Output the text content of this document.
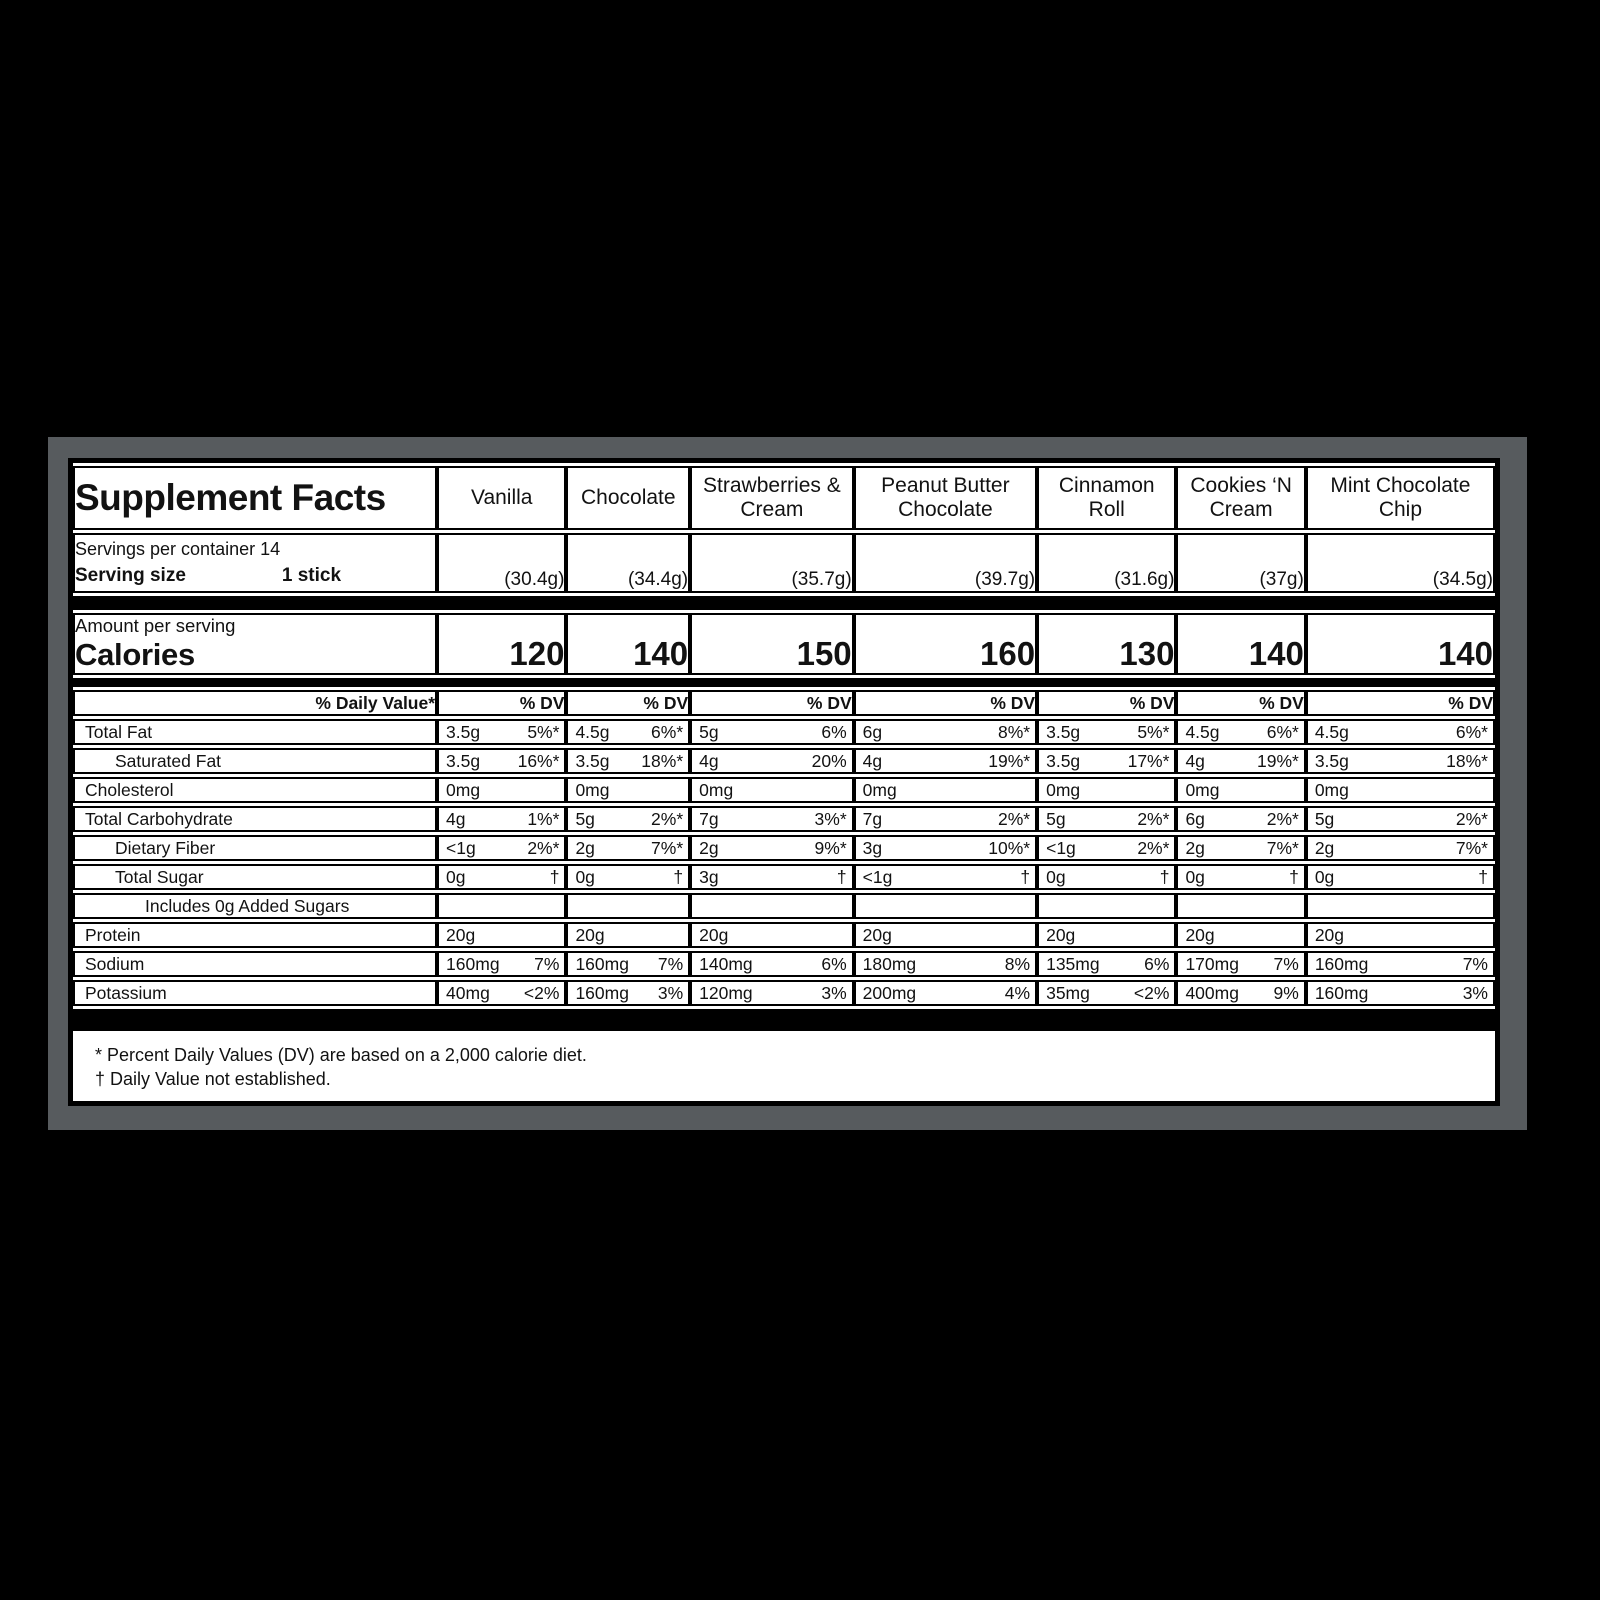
Supplement Facts	Vanilla	Chocolate	Strawberries & Cream	Peanut Butter Chocolate	Cinnamon Roll	Cookies ‘N Cream	Mint Chocolate Chip

Servings per container 14
Serving size 1 stick	(30.4g)	(34.4g)	(35.7g)	(39.7g)	(31.6g)	(37g)	(34.5g)

Amount per serving
Calories	120	140	150	160	130	140	140

% Daily Value*	% DV	% DV	% DV	% DV	% DV	% DV	% DV
Total Fat	3.5g 5%*	4.5g 6%*	5g 6%	6g 8%*	3.5g 5%*	4.5g 6%*	4.5g 6%*

Saturated Fat	3.5g 16%*	3.5g 18%*	4g 20%	4g 19%*	3.5g 17%*	4g 19%*	3.5g 18%*

Cholesterol	0mg	0mg	0mg	0mg	0mg	0mg	0mg

Total Carbohydrate	4g 1%*	5g 2%*	7g 3%*	7g 2%*	5g 2%*	6g 2%*	5g 2%*

Dietary Fiber	<1g 2%*	2g 7%*	2g 9%*	3g 10%*	<1g 2%*	2g 7%*	2g 7%*

Total Sugar	0g †	0g †	3g †	<1g †	0g †	0g †	0g †

Includes 0g Added Sugars	

Protein	20g	20g	20g	20g	20g	20g	20g

Sodium	160mg 7%	160mg 7%	140mg 6%	180mg 8%	135mg 6%	170mg 7%	160mg 7%

Potassium	40mg <2%	160mg 3%	120mg 3%	200mg 4%	35mg <2%	400mg 9%	160mg 3%

* Percent Daily Values (DV) are based on a 2,000 calorie diet.
† Daily Value not established.
